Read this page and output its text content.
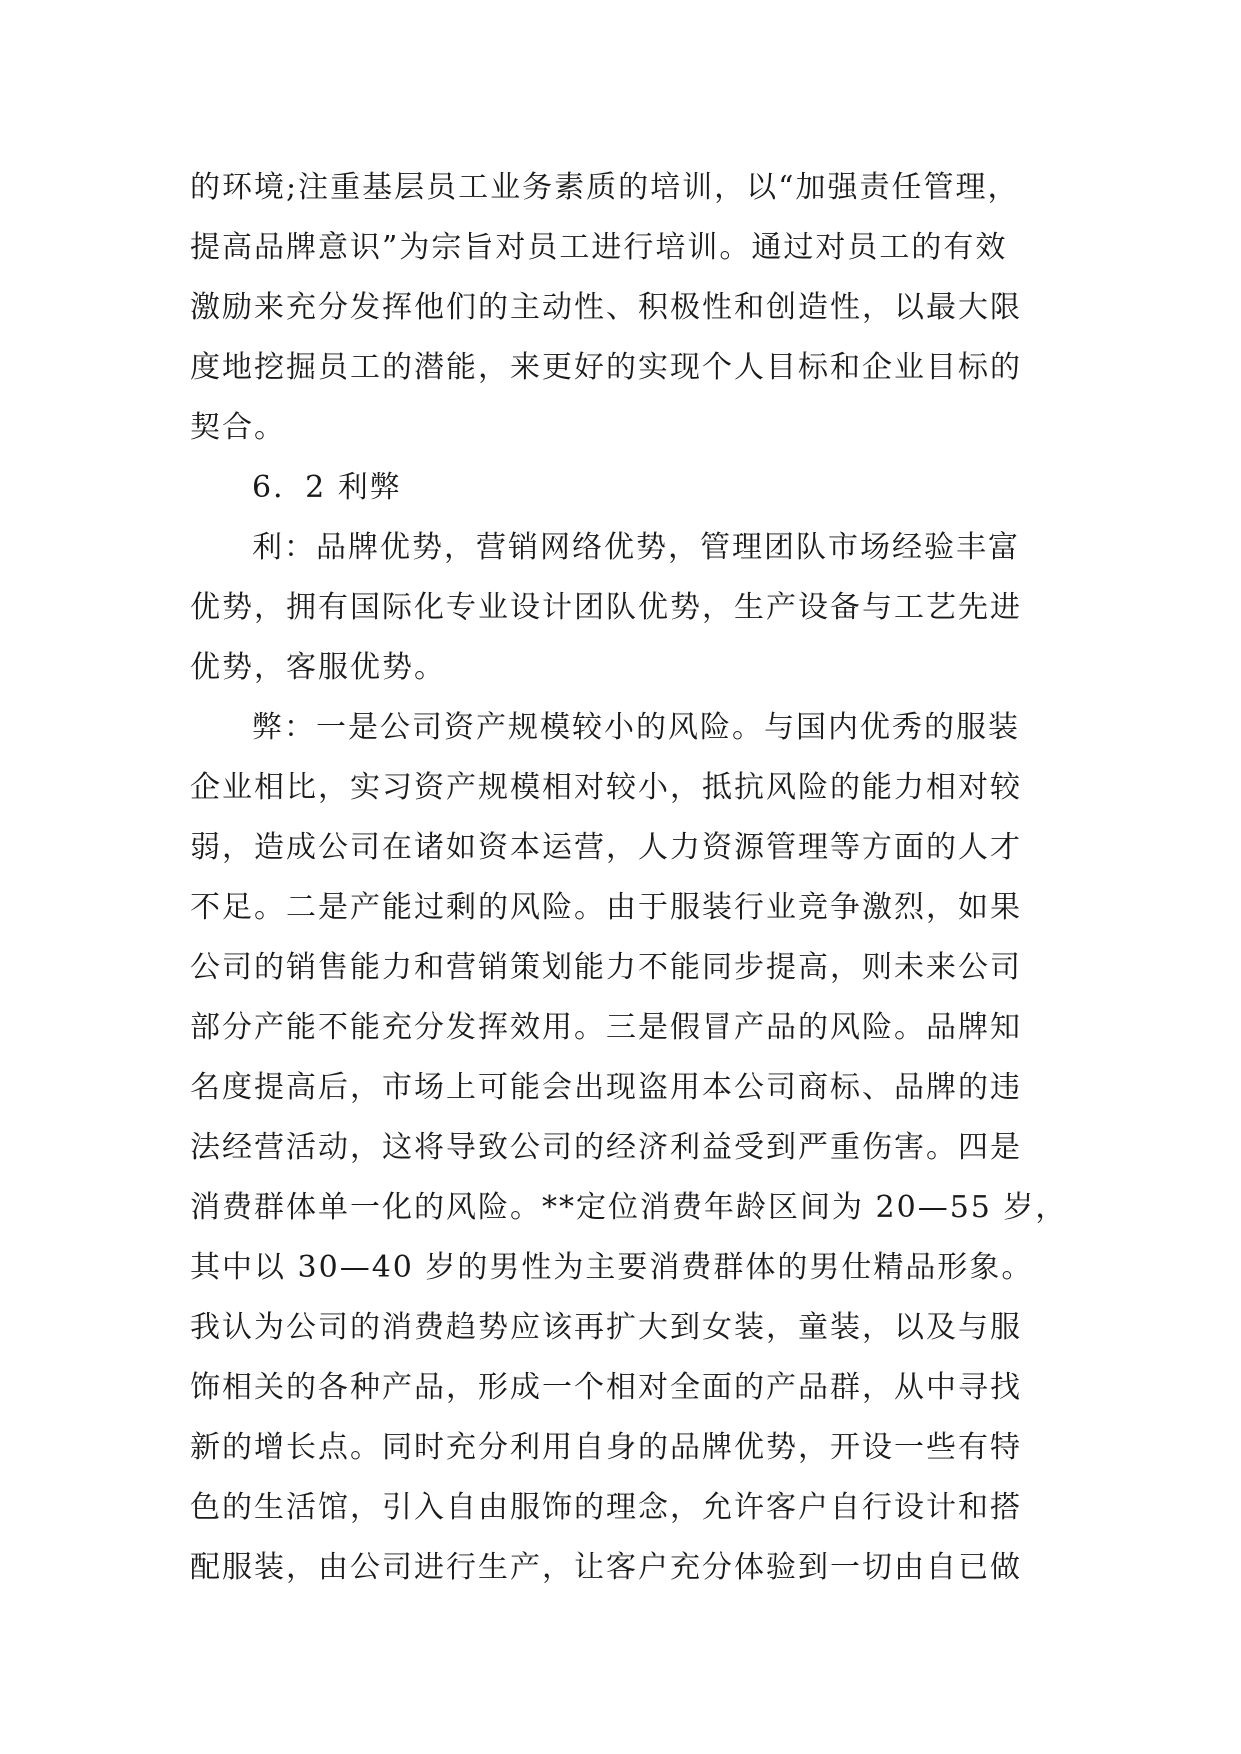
的环境;注重基层员工业务素质的培训，以“加强责任管理，
提高品牌意识”为宗旨对员工进行培训。通过对员工的有效
激励来充分发挥他们的主动性、积极性和创造性，以最大限
度地挖掘员工的潜能，来更好的实现个人目标和企业目标的
契合。
6．2 利弊
利：品牌优势，营销网络优势，管理团队市场经验丰富
优势，拥有国际化专业设计团队优势，生产设备与工艺先进
优势，客服优势。
弊：一是公司资产规模较小的风险。与国内优秀的服装
企业相比，实习资产规模相对较小，抵抗风险的能力相对较
弱，造成公司在诸如资本运营，人力资源管理等方面的人才
不足。二是产能过剩的风险。由于服装行业竞争激烈，如果
公司的销售能力和营销策划能力不能同步提高，则未来公司
部分产能不能充分发挥效用。三是假冒产品的风险。品牌知
名度提高后，市场上可能会出现盗用本公司商标、品牌的违
法经营活动，这将导致公司的经济利益受到严重伤害。四是
消费群体单一化的风险。**定位消费年龄区间为 20—55 岁，
其中以 30—40 岁的男性为主要消费群体的男仕精品形象。
我认为公司的消费趋势应该再扩大到女装，童装，以及与服
饰相关的各种产品，形成一个相对全面的产品群，从中寻找
新的增长点。同时充分利用自身的品牌优势，开设一些有特
色的生活馆，引入自由服饰的理念，允许客户自行设计和搭
配服装，由公司进行生产，让客户充分体验到一切由自已做
